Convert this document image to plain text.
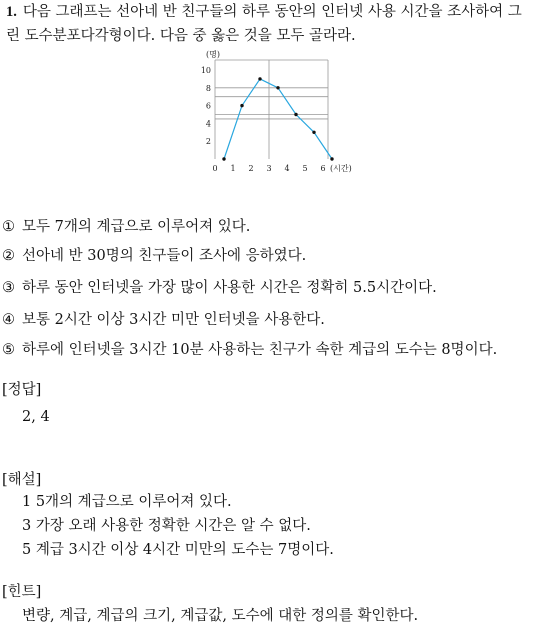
1. 다음 그래프는 선아네 반 친구들의 하루 동안의 인터넷 사용 시간을 조사하여 그린 도수분포다각형이다. 다음 중 옳은 것을 모두 골라라.
2
4
6
8
10
0 1 2 3 4 5 6
(명)
(시간)
① 모두 7개의 계급으로 이루어져 있다.
② 선아네 반 30명의 친구들이 조사에 응하였다.
③ 하루 동안 인터넷을 가장 많이 사용한 시간은 정확히 5.5시간이다.
④ 보통 2시간 이상 3시간 미만 인터넷을 사용한다.
⑤ 하루에 인터넷을 3시간 10분 사용하는 친구가 속한 계급의 도수는 8명이다.
[정답]
2, 4
[해설]
1 5개의 계급으로 이루어져 있다.
3 가장 오래 사용한 정확한 시간은 알 수 없다.
5 계급 3시간 이상 4시간 미만의 도수는 7명이다.
[힌트]
변량, 계급, 계급의 크기, 계급값, 도수에 대한 정의를 확인한다.
